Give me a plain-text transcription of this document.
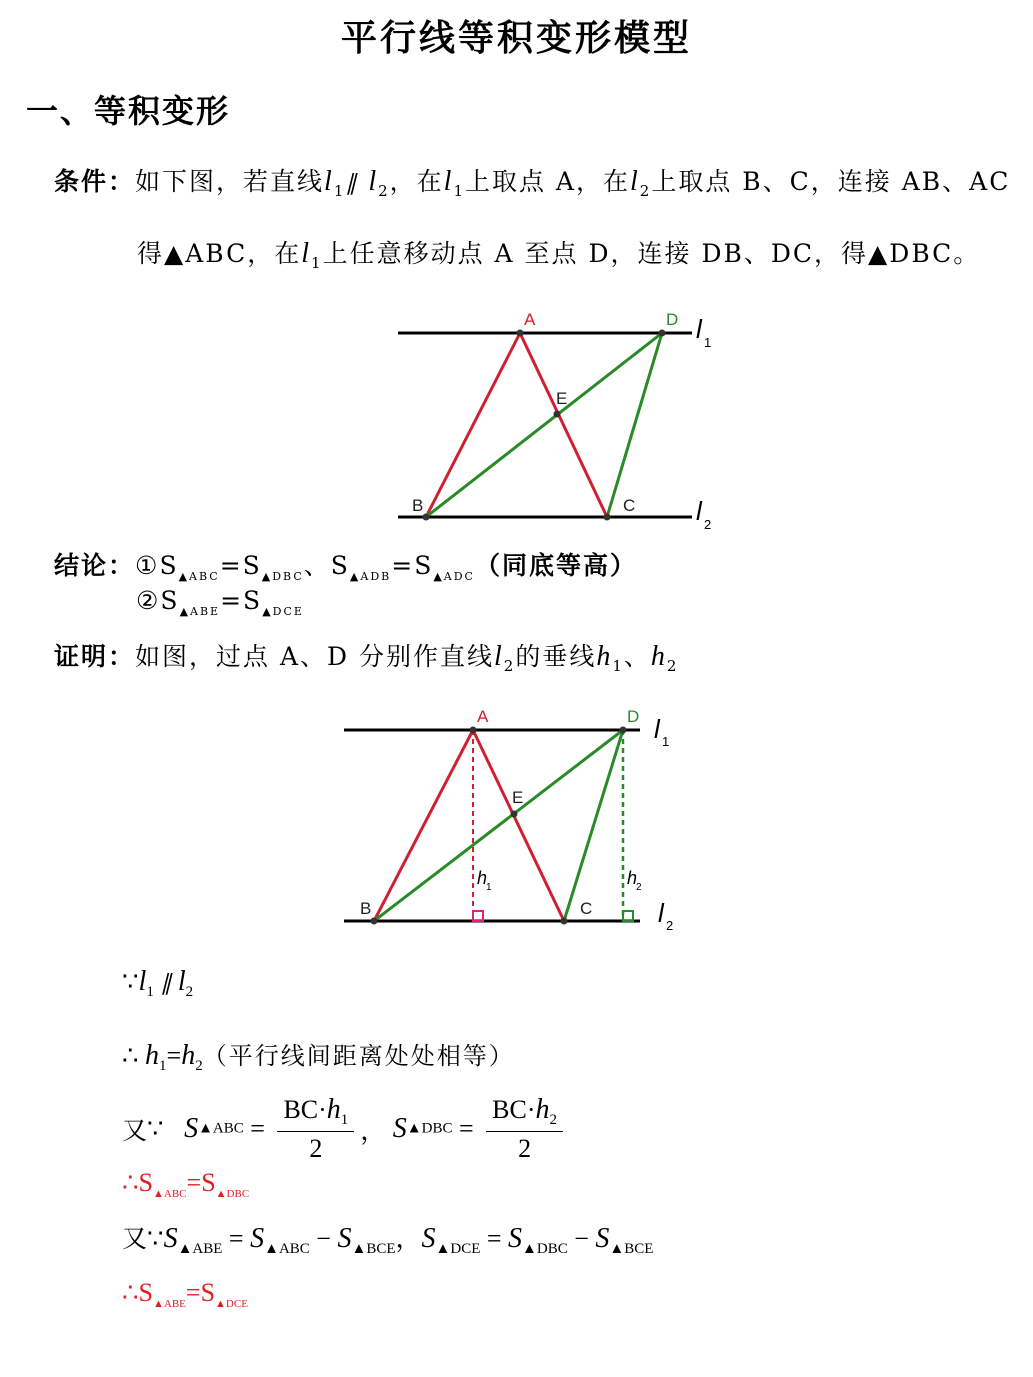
平行线等积变形模型
一、等积变形
条件：如下图，若直线$l_1\parallel$ $l_2$，在$l_1$上取点 A，在$l_2$上取点 B、C，连接 AB、AC
得▲ABC，在$l_1$上任意移动点 A 至点 D，连接 DB、DC，得▲DBC。
A	D
E
B	C
l 1
l 2
结论：$①S_{▲ABC}=S_{▲DBC}$、$S_{▲ADB}=S_{▲ADC}$（同底等高）
$②S_{▲ABE}=S_{▲DCE}$
证明：如图，过点 A、D 分别作直线$l_2$的垂线$h_1$、$h_2$
A	D
E
B	C
h
1	h
2
l 1
l 2
$\because l_1$ ∥ $l_2$
∴ $h_1=h_2$（平行线间距离处处相等）
又∵ S▲ABC = $\frac{BC\cdot h_1}{2}$ ， S▲DBC = $\frac{BC\cdot h_2}{2}$
$\therefore S_{▲ABC}=S_{▲DBC}$
又$\because S_{▲ABE} = S_{▲ABC} - S_{▲BCE}$，$S_{▲DCE} = S_{▲DBC} - S_{▲BCE}$
$\therefore S_{▲ABE}=S_{▲DCE}$
